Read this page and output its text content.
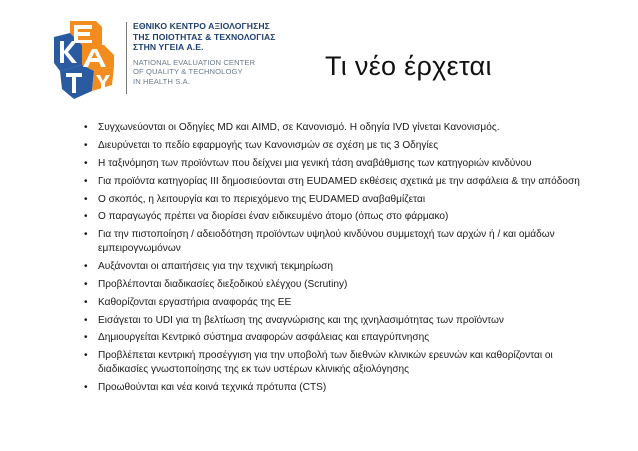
ΕΘΝΙΚΟ ΚΕΝΤΡΟ ΑΞΙΟΛΟΓΗΣΗΣ
ΤΗΣ ΠΟΙΟΤΗΤΑΣ & ΤΕΧΝΟΛΟΓΙΑΣ
ΣΤΗΝ ΥΓΕΙΑ Α.Ε.
NATIONAL EVALUATION CENTER
OF QUALITY & TECHNOLOGY
IN HEALTH S.A.
Τι νέο έρχεται
• Συγχωνεύονται οι Οδηγίες MD και AIMD, σε Κανονισμό. Η οδηγία IVD γίνεται Κανονισμός.
• Διευρύνεται το πεδίο εφαρμογής των Κανονισμών σε σχέση με τις 3 Οδηγίες
• Η ταξινόμηση των προϊόντων που δείχνει μια γενική τάση αναβάθμισης των κατηγοριών κινδύνου
• Για προϊόντα κατηγορίας III δημοσιεύονται στη EUDAMED εκθέσεις σχετικά με την ασφάλεια & την απόδοση
• Ο σκοπός, η λειτουργία και το περιεχόμενο της EUDAMED αναβαθμίζεται
• Ο παραγωγός πρέπει να διορίσει έναν ειδικευμένο άτομο (όπως στο φάρμακο)
• Για την πιστοποίηση / αδειοδότηση προϊόντων υψηλού κινδύνου συμμετοχή των αρχών ή / και ομάδων εμπειρογνωμόνων
• Αυξάνονται οι απαιτήσεις για την τεχνική τεκμηρίωση
• Προβλέπονται διαδικασίες διεξοδικού ελέγχου (Scrutiny)
• Καθορίζονται εργαστήρια αναφοράς της ΕΕ
• Εισάγεται το UDI για τη βελτίωση της αναγνώρισης και της ιχνηλασιμότητας των προϊόντων
• Δημιουργείται Κεντρικό σύστημα αναφορών ασφάλειας και επαγρύπνησης
• Προβλέπεται κεντρική προσέγγιση για την υποβολή των διεθνών κλινικών ερευνών και καθορίζονται οι διαδικασίες γνωστοποίησης της εκ των υστέρων κλινικής αξιολόγησης
• Προωθούνται και νέα κοινά τεχνικά πρότυπα (CTS)
